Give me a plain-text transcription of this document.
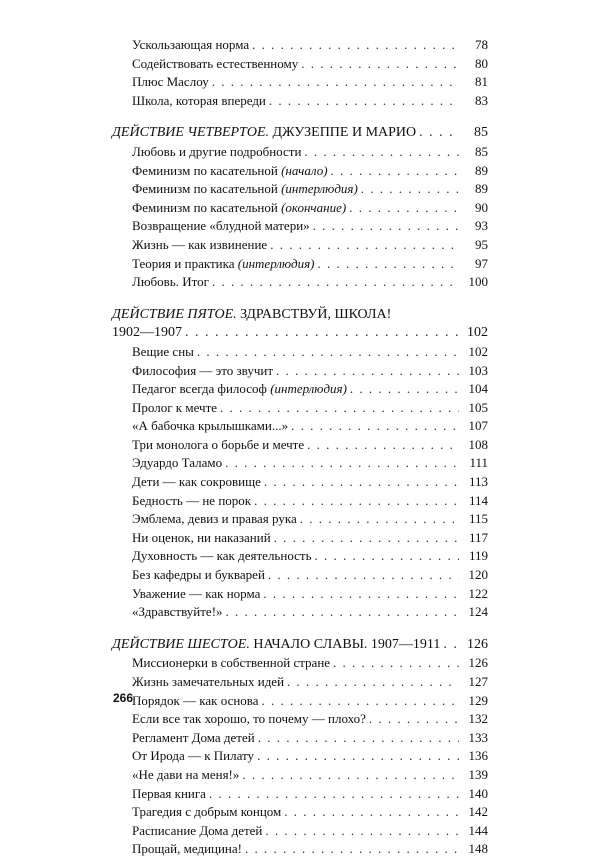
Ускользающая норма . . .	78
Содействовать естественному . . .	80
Плюс Маслоу . . .	81
Школа, которая впереди . . .	83
ДЕЙСТВИЕ ЧЕТВЕРТОЕ. ДЖУЗЕППЕ И МАРИО . . .	85
Любовь и другие подробности . . .	85
Феминизм по касательной (начало) . . .	89
Феминизм по касательной (интерлюдия) . . .	89
Феминизм по касательной (окончание) . . .	90
Возвращение «блудной матери» . . .	93
Жизнь — как извинение . . .	95
Теория и практика (интерлюдия) . . .	97
Любовь. Итог . . .	100
ДЕЙСТВИЕ ПЯТОЕ. ЗДРАВСТВУЙ, ШКОЛА!
1902—1907 . . .	102
Вещие сны . . .	102
Философия — это звучит . . .	103
Педагог всегда философ (интерлюдия) . . .	104
Пролог к мечте . . .	105
«А бабочка крылышками...» . . .	107
Три монолога о борьбе и мечте . . .	108
Эдуардо Таламо . . .	111
Дети — как сокровище . . .	113
Бедность — не порок . . .	114
Эмблема, девиз и правая рука . . .	115
Ни оценок, ни наказаний . . .	117
Духовность — как деятельность . . .	119
Без кафедры и букварей . . .	120
Уважение — как норма . . .	122
«Здравствуйте!» . . .	124
ДЕЙСТВИЕ ШЕСТОЕ. НАЧАЛО СЛАВЫ. 1907—1911 . . .	126
Миссионерки в собственной стране . . .	126
Жизнь замечательных идей . . .	127
Порядок — как основа . . .	129
Если все так хорошо, то почему — плохо? . . .	132
Регламент Дома детей . . .	133
От Ирода — к Пилату . . .	136
«Не дави на меня!» . . .	139
Первая книга . . .	140
Трагедия с добрым концом . . .	142
Расписание Дома детей . . .	144
Прощай, медицина! . . .	148
266
